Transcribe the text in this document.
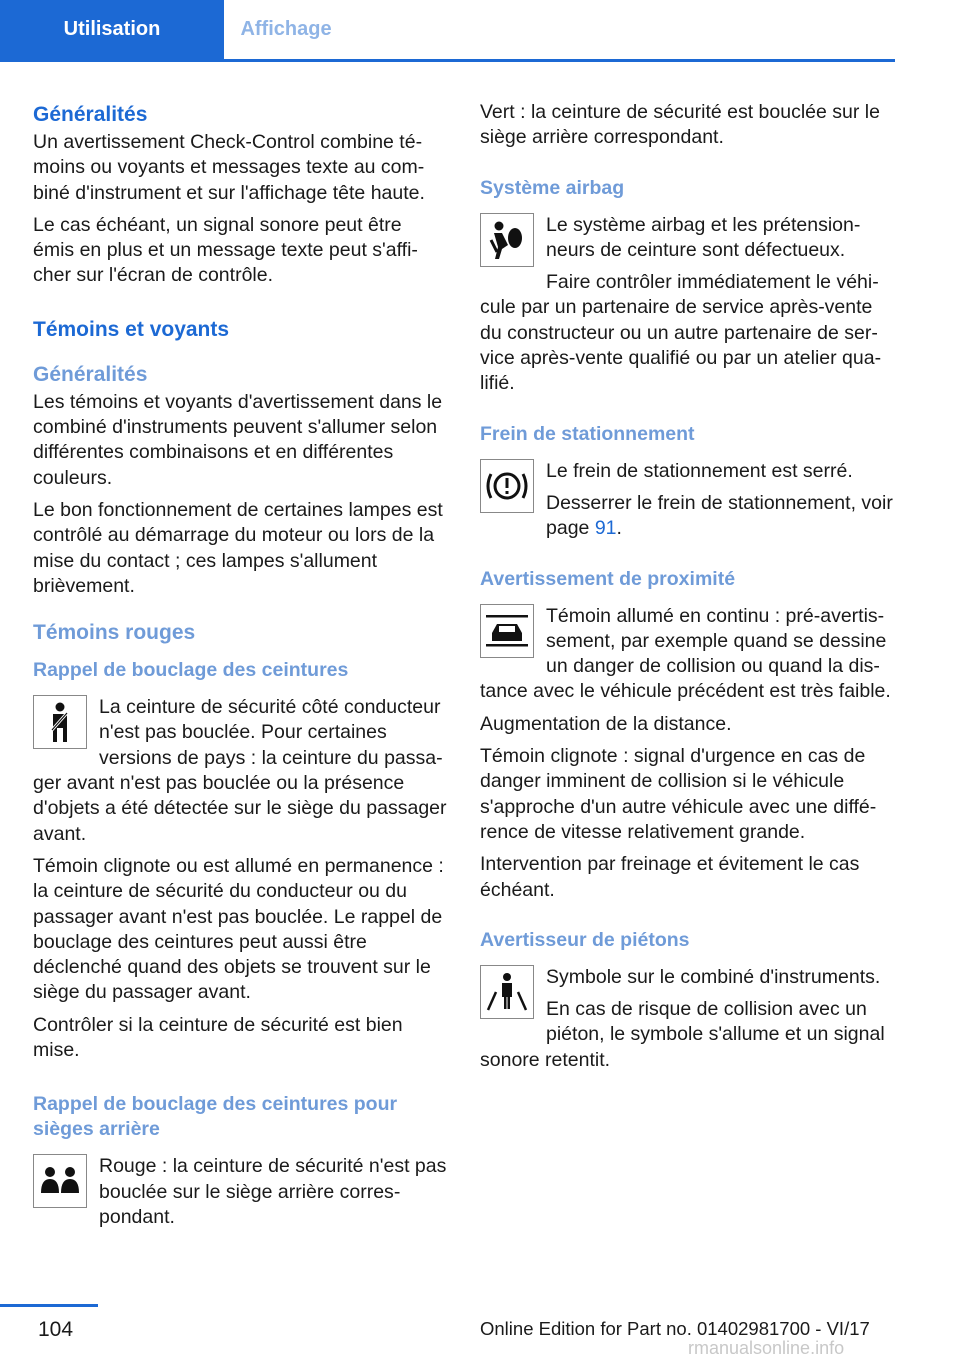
Utilisation	Affichage
Généralités

Un avertissement Check-Control combine témoins ou voyants et messages texte au combiné d'instrument et sur l'affichage tête haute.

Le cas échéant, un signal sonore peut être émis en plus et un message texte peut s'afficher sur l'écran de contrôle.

Témoins et voyants
Généralités

Les témoins et voyants d'avertissement dans le combiné d'instruments peuvent s'allumer selon différentes combinaisons et en différentes couleurs.

Le bon fonctionnement de certaines lampes est contrôlé au démarrage du moteur ou lors de la mise du contact ; ces lampes s'allument brièvement.

Témoins rouges
Rappel de bouclage des ceintures

La ceinture de sécurité côté conducteur n'est pas bouclée. Pour certaines versions de pays : la ceinture du passager avant n'est pas bouclée ou la présence d'objets a été détectée sur le siège du passager avant.

Témoin clignote ou est allumé en permanence : la ceinture de sécurité du conducteur ou du passager avant n'est pas bouclée. Le rappel de bouclage des ceintures peut aussi être déclenché quand des objets se trouvent sur le siège du passager avant.

Contrôler si la ceinture de sécurité est bien mise.

Rappel de bouclage des ceintures pour sièges arrière

Rouge : la ceinture de sécurité n'est pas bouclée sur le siège arrière correspondant.

Vert : la ceinture de sécurité est bouclée sur le siège arrière correspondant.

Système airbag

Le système airbag et les prétensionneurs de ceinture sont défectueux.

Faire contrôler immédiatement le véhicule par un partenaire de service après-vente du constructeur ou un autre partenaire de service après-vente qualifié ou par un atelier qualifié.

Frein de stationnement

Le frein de stationnement est serré.

Desserrer le frein de stationnement, voir page 91.

Avertissement de proximité

Témoin allumé en continu : pré-avertissement, par exemple quand se dessine un danger de collision ou quand la distance avec le véhicule précédent est très faible.

Augmentation de la distance.

Témoin clignote : signal d'urgence en cas de danger imminent de collision si le véhicule s'approche d'un autre véhicule avec une différence de vitesse relativement grande.

Intervention par freinage et évitement le cas échéant.

Avertisseur de piétons

Symbole sur le combiné d'instruments.

En cas de risque de collision avec un piéton, le symbole s'allume et un signal sonore retentit.

104	Online Edition for Part no. 01402981700 - VI/17
rmanualsonline.info
